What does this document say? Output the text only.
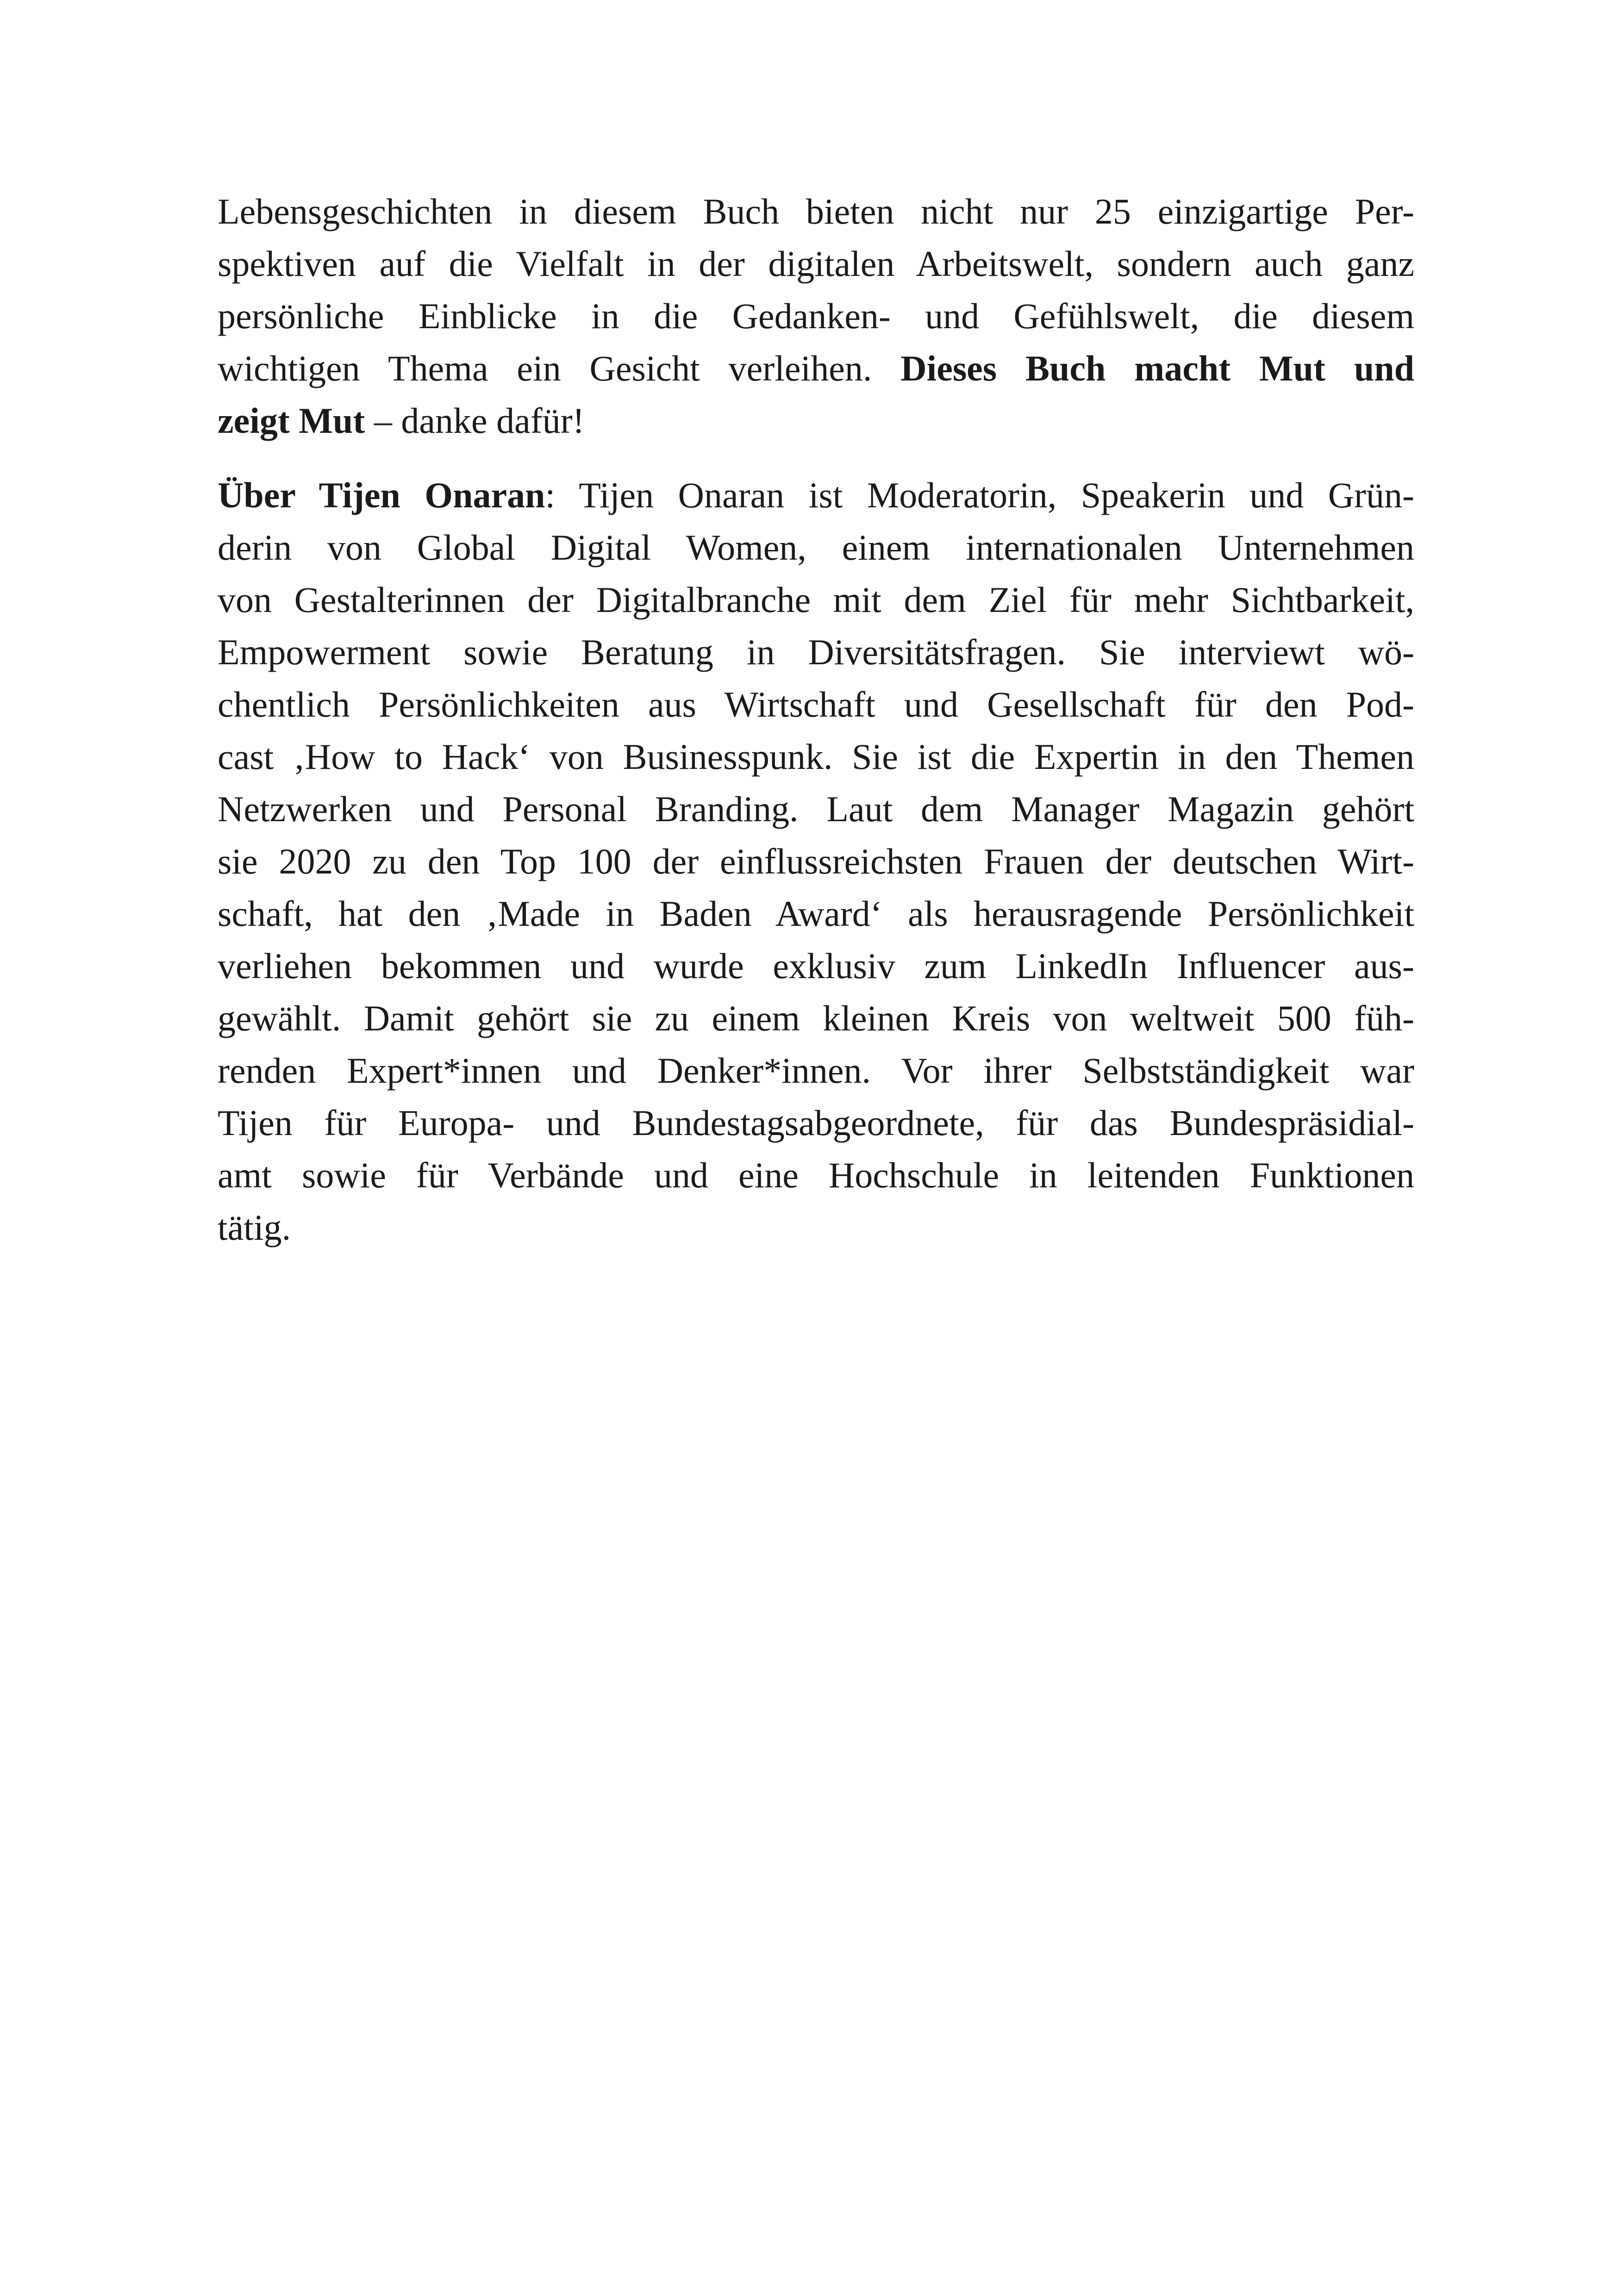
Lebensgeschichten in diesem Buch bieten nicht nur 25 einzigartige Per-
spektiven auf die Vielfalt in der digitalen Arbeitswelt, sondern auch ganz
persönliche Einblicke in die Gedanken- und Gefühlswelt, die diesem
wichtigen Thema ein Gesicht verleihen. Dieses Buch macht Mut und
zeigt Mut – danke dafür!
Über Tijen Onaran: Tijen Onaran ist Moderatorin, Speakerin und Grün-
derin von Global Digital Women, einem internationalen Unternehmen
von Gestalterinnen der Digitalbranche mit dem Ziel für mehr Sichtbarkeit,
Empowerment sowie Beratung in Diversitätsfragen. Sie interviewt wö-
chentlich Persönlichkeiten aus Wirtschaft und Gesellschaft für den Pod-
cast ‚How to Hack‘ von Businesspunk. Sie ist die Expertin in den Themen
Netzwerken und Personal Branding. Laut dem Manager Magazin gehört
sie 2020 zu den Top 100 der einflussreichsten Frauen der deutschen Wirt-
schaft, hat den ‚Made in Baden Award‘ als herausragende Persönlichkeit
verliehen bekommen und wurde exklusiv zum LinkedIn Influencer aus-
gewählt. Damit gehört sie zu einem kleinen Kreis von weltweit 500 füh-
renden Expert*innen und Denker*innen. Vor ihrer Selbstständigkeit war
Tijen für Europa- und Bundestagsabgeordnete, für das Bundespräsidial-
amt sowie für Verbände und eine Hochschule in leitenden Funktionen
tätig.
